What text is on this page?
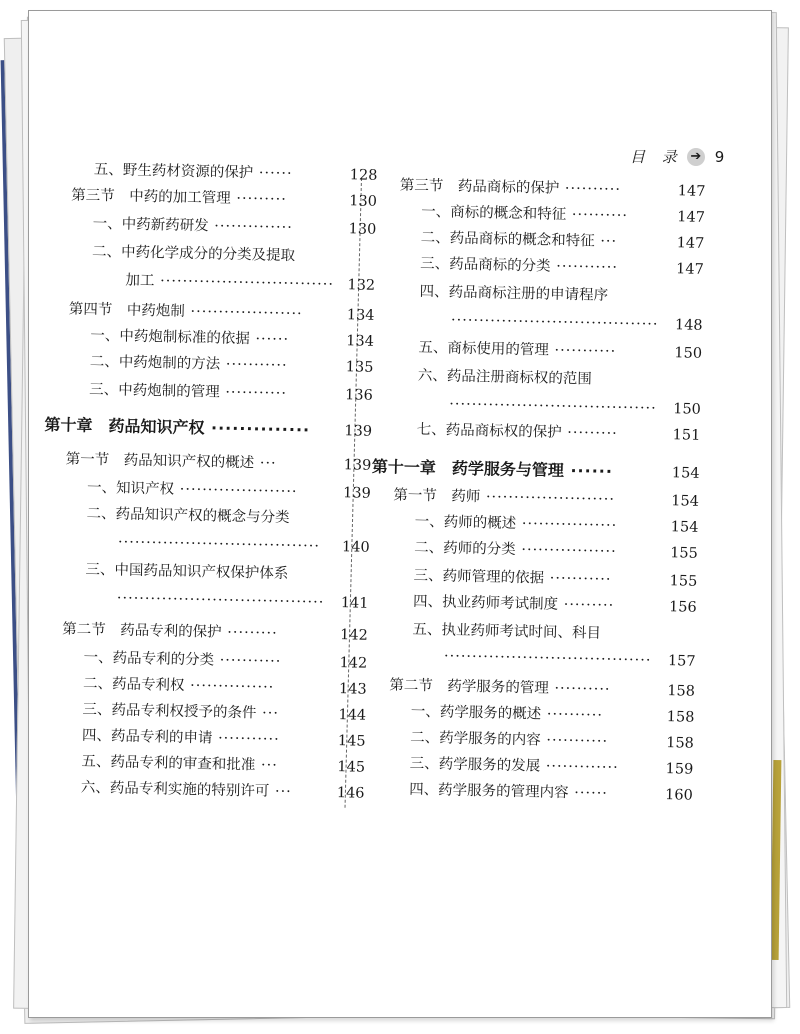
目 录 ➔ 9
五、野生药材资源的保护 ······	128
第三节　中药的加工管理 ·········	130
一、中药新药研发 ··············	130
二、中药化学成分的分类及提取
加工 ······························· 132
第四节　中药炮制 ····················	134
一、中药炮制标准的依据 ······	134
二、中药炮制的方法 ···········	135
三、中药炮制的管理 ···········	136
第十章　药品知识产权 ·············· 139
第一节　药品知识产权的概述 ···	139
一、知识产权 ·····················	139
二、药品知识产权的概念与分类
···································· 140
三、中国药品知识产权保护体系
····································· 141
第二节　药品专利的保护 ·········	142
一、药品专利的分类 ···········	142
二、药品专利权 ···············	143
三、药品专利权授予的条件 ···	144
四、药品专利的申请 ···········	145
五、药品专利的审查和批准 ···	145
六、药品专利实施的特别许可 ···	146
第三节　药品商标的保护 ··········	147
一、商标的概念和特征 ··········	147
二、药品商标的概念和特征 ···	147
三、药品商标的分类 ···········	147
四、药品商标注册的申请程序
····································· 148
五、商标使用的管理 ···········	150
六、药品注册商标权的范围
····································· 150
七、药品商标权的保护 ·········	151
第十一章　药学服务与管理 ······	154
第一节　药师 ·······················	154
一、药师的概述 ·················	154
二、药师的分类 ·················	155
三、药师管理的依据 ···········	155
四、执业药师考试制度 ·········	156
五、执业药师考试时间、科目
····································· 157
第二节　药学服务的管理 ··········	158
一、药学服务的概述 ··········	158
二、药学服务的内容 ···········	158
三、药学服务的发展 ·············	159
四、药学服务的管理内容 ······	160
